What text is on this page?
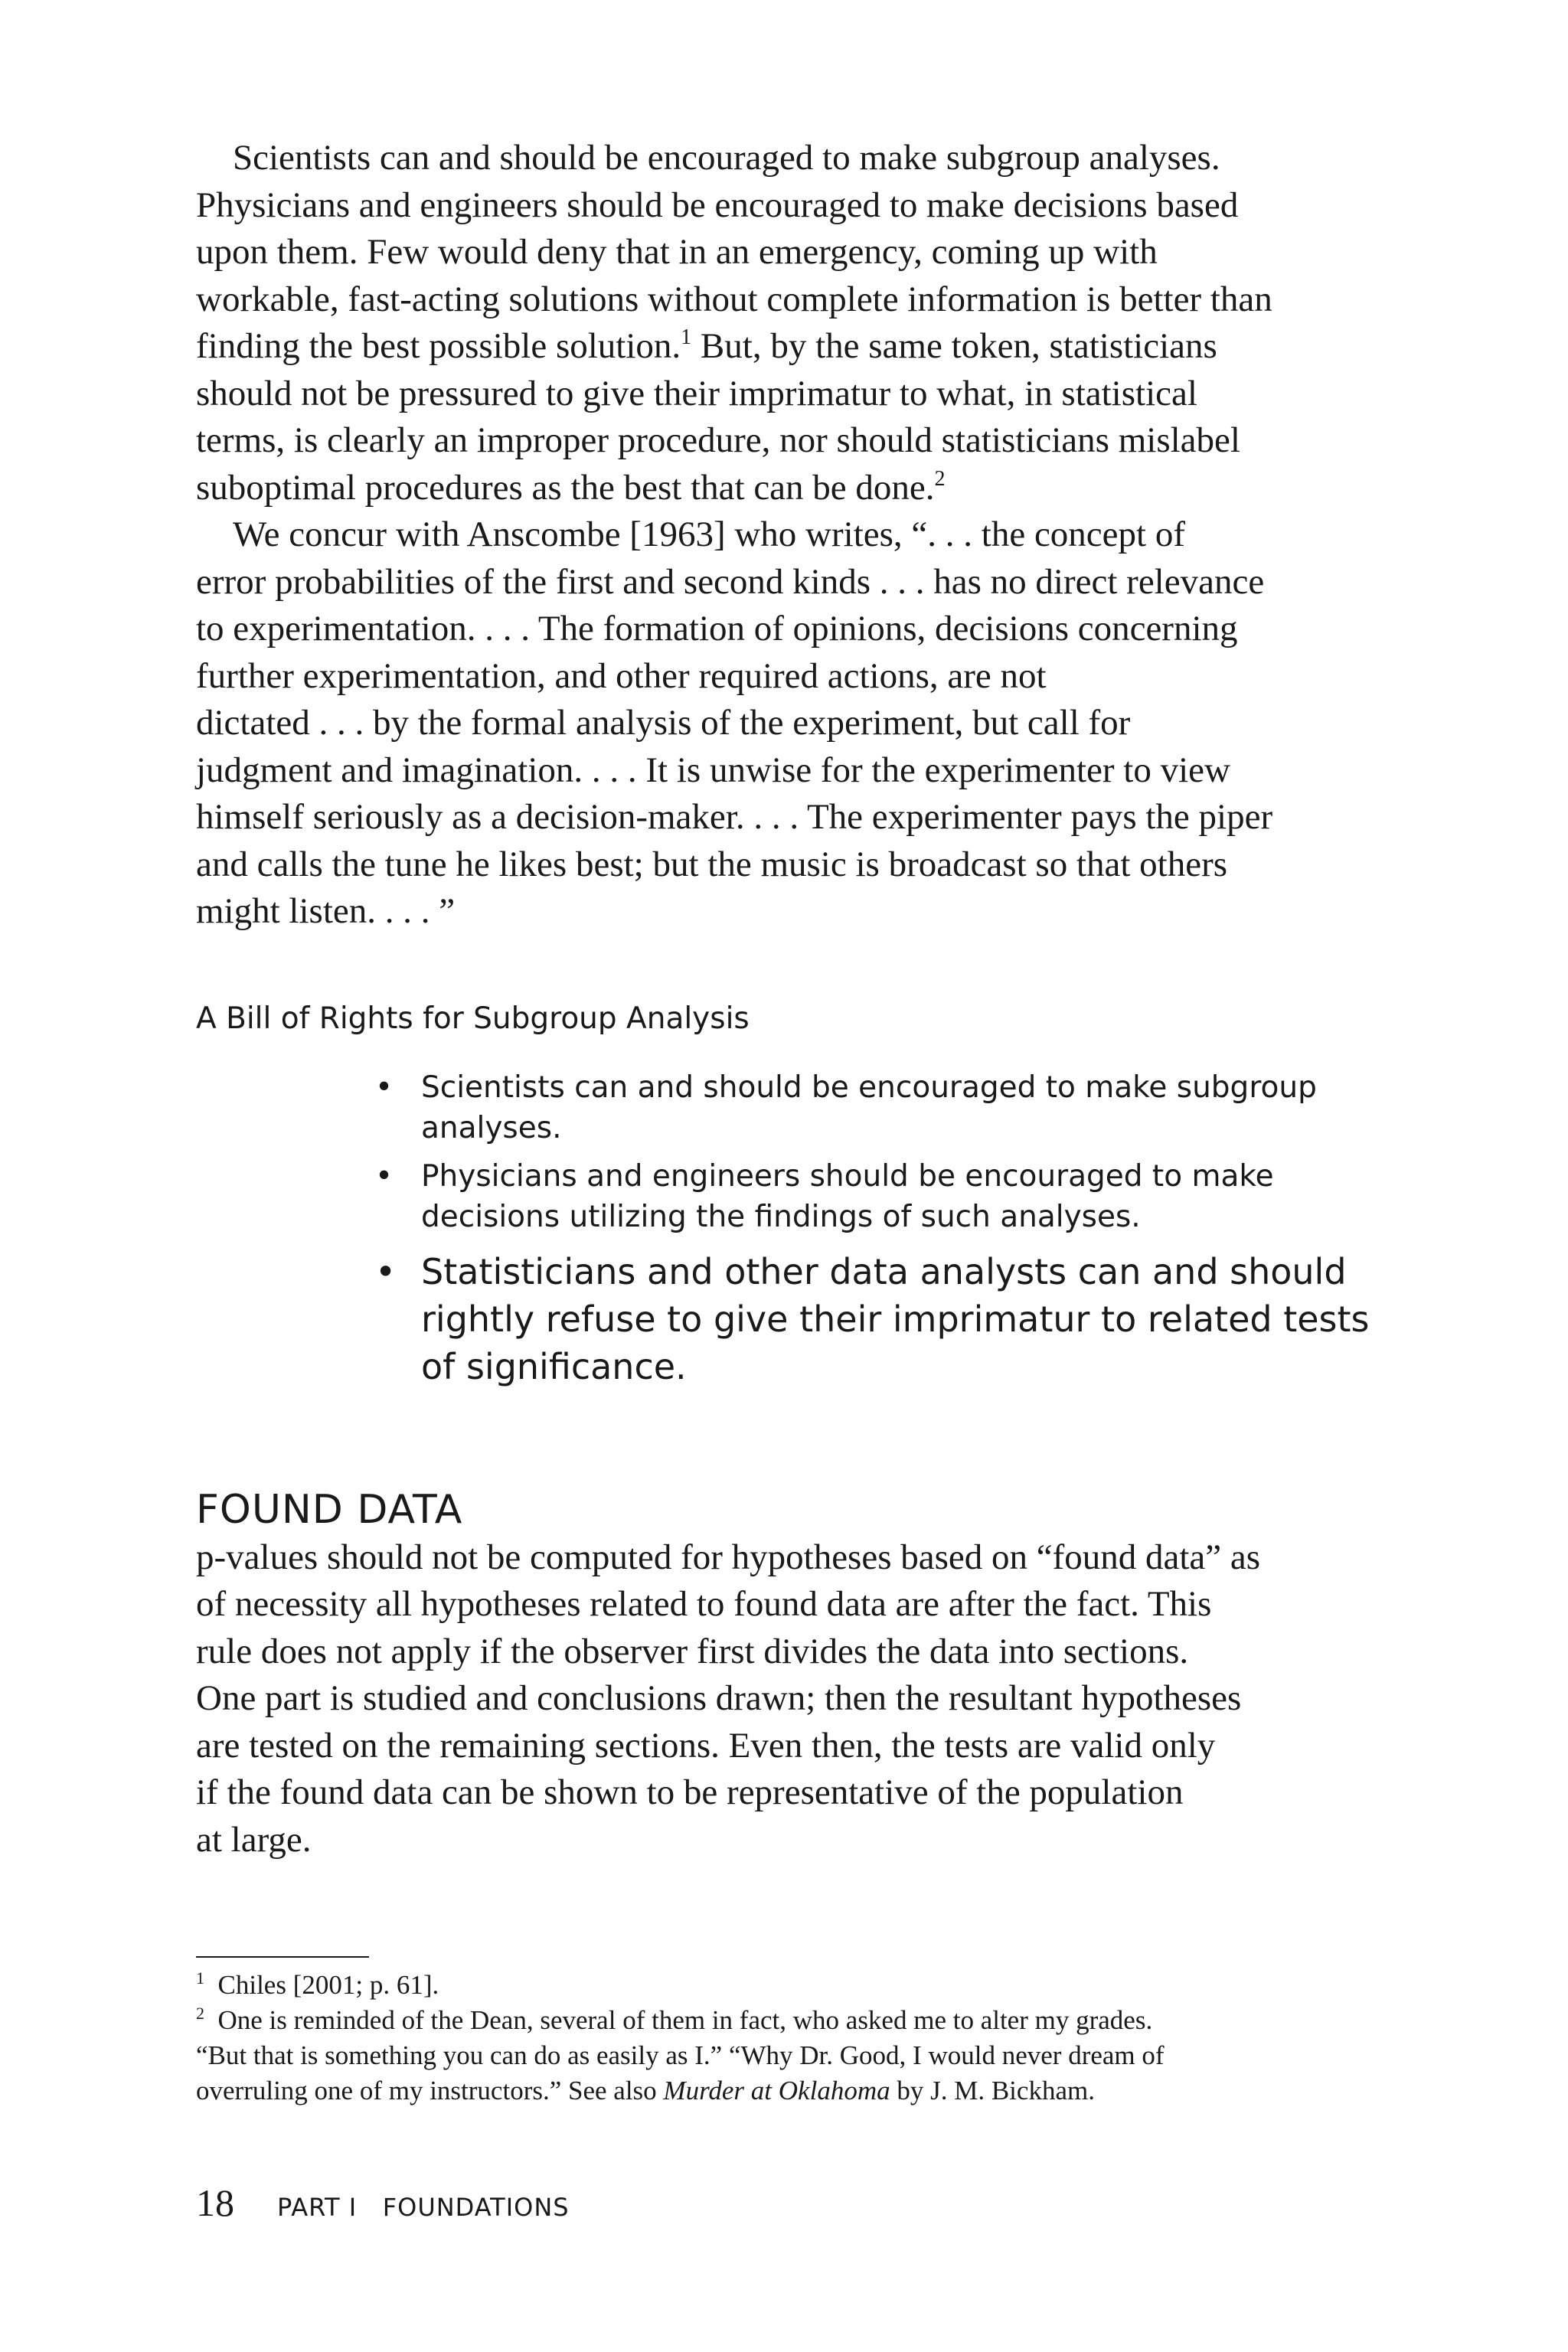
Scientists can and should be encouraged to make subgroup analyses.
Physicians and engineers should be encouraged to make decisions based
upon them. Few would deny that in an emergency, coming up with
workable, fast-acting solutions without complete information is better than
finding the best possible solution.$^1$ But, by the same token, statisticians
should not be pressured to give their imprimatur to what, in statistical
terms, is clearly an improper procedure, nor should statisticians mislabel
suboptimal procedures as the best that can be done.$^2$

We concur with Anscombe [1963] who writes, “. . . the concept of
error probabilities of the first and second kinds . . . has no direct relevance
to experimentation. . . . The formation of opinions, decisions concerning
further experimentation, and other required actions, are not
dictated . . . by the formal analysis of the experiment, but call for
judgment and imagination. . . . It is unwise for the experimenter to view
himself seriously as a decision-maker. . . . The experimenter pays the piper
and calls the tune he likes best; but the music is broadcast so that others
might listen. . . . ”

A Bill of Rights for Subgroup Analysis
• Scientists can and should be encouraged to make subgroup analyses.
• Physicians and engineers should be encouraged to make decisions utilizing the findings of such analyses.
• Statisticians and other data analysts can and should rightly refuse to give their imprimatur to related tests of significance.
FOUND DATA

p-values should not be computed for hypotheses based on “found data” as
of necessity all hypotheses related to found data are after the fact. This
rule does not apply if the observer first divides the data into sections.
One part is studied and conclusions drawn; then the resultant hypotheses
are tested on the remaining sections. Even then, the tests are valid only
if the found data can be shown to be representative of the population
at large.

$^1$ Chiles [2001; p. 61].

$^2$ One is reminded of the Dean, several of them in fact, who asked me to alter my grades.
“But that is something you can do as easily as I.” “Why Dr. Good, I would never dream of
overruling one of my instructors.” See also Murder at Oklahoma by J. M. Bickham.

18 PART I   FOUNDATIONS
